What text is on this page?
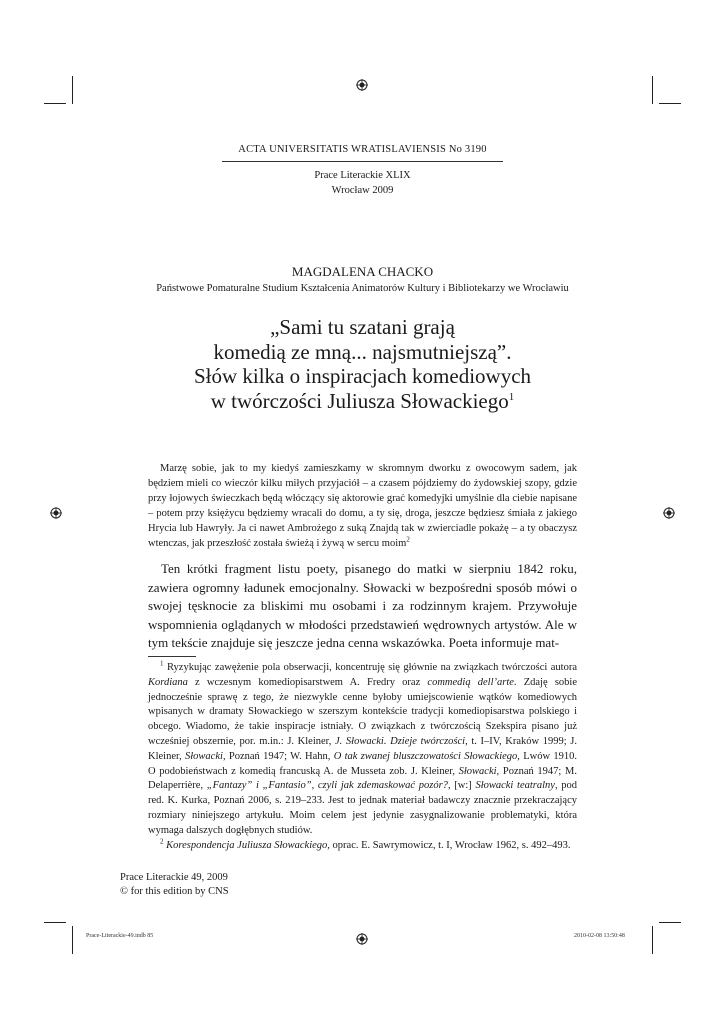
ACTA UNIVERSITATIS WRATISLAVIENSIS No 3190
Prace Literackie XLIX
Wrocław 2009
MAGDALENA CHACKO
Państwowe Pomaturalne Studium Kształcenia Animatorów Kultury i Bibliotekarzy we Wrocławiu
„Sami tu szatani grają
komedią ze mną... najsmutniejszą”.
Słów kilka o inspiracjach komediowych
w twórczości Juliusza Słowackiego$^1$
Marzę sobie, jak to my kiedyś zamieszkamy w skromnym dworku z owocowym sadem, jak będziem mieli co wieczór kilku miłych przyjaciół – a czasem pójdziemy do żydowskiej szopy, gdzie przy łojowych świeczkach będą włóczący się aktorowie grać komedyjki umyślnie dla ciebie napisane – potem przy księżycu będziemy wracali do domu, a ty się, droga, jeszcze będziesz śmiała z jakiego Hrycia lub Hawryły. Ja ci nawet Ambrożego z suką Znajdą tak w zwierciadle pokażę – a ty obaczysz wtenczas, jak przeszłość została świeżą i żywą w sercu moim$^2$
Ten krótki fragment listu poety, pisanego do matki w sierpniu 1842 roku, zawiera ogromny ładunek emocjonalny. Słowacki w bezpośredni sposób mówi o swojej tęsknocie za bliskimi mu osobami i za rodzinnym krajem. Przywołuje wspomnienia oglądanych w młodości przedstawień wędrownych artystów. Ale w tym tekście znajduje się jeszcze jedna cenna wskazówka. Poeta informuje mat-

$^1$ Ryzykując zawężenie pola obserwacji, koncentruję się głównie na związkach twórczości autora Kordiana z wczesnym komediopisarstwem A. Fredry oraz commedią dell’arte. Zdaję sobie jednocześnie sprawę z tego, że niezwykle cenne byłoby umiejscowienie wątków komediowych wpisanych w dramaty Słowackiego w szerszym kontekście tradycji komediopisarstwa polskiego i obcego. Wiadomo, że takie inspiracje istniały. O związkach z twórczością Szekspira pisano już wcześniej obszernie, por. m.in.: J. Kleiner, J. Słowacki. Dzieje twórczości, t. I–IV, Kraków 1999; J. Kleiner, Słowacki, Poznań 1947; W. Hahn, O tak zwanej bluszczowatości Słowackiego, Lwów 1910. O podobieństwach z komedią francuską A. de Musseta zob. J. Kleiner, Słowacki, Poznań 1947; M. Delaperrière, „Fantazy” i „Fantasio”, czyli jak zdemaskować pozór?, [w:] Słowacki teatralny, pod red. K. Kurka, Poznań 2006, s. 219–233. Jest to jednak materiał badawczy znacznie przekraczający rozmiary niniejszego artykułu. Moim celem jest jedynie zasygnalizowanie problematyki, która wymaga dalszych dogłębnych studiów.

$^2$ Korespondencja Juliusza Słowackiego, oprac. E. Sawrymowicz, t. I, Wrocław 1962, s. 492–493.

Prace Literackie 49, 2009
© for this edition by CNS
Prace-Literackie-49.indb 85	2010-02-08 13:50:48
